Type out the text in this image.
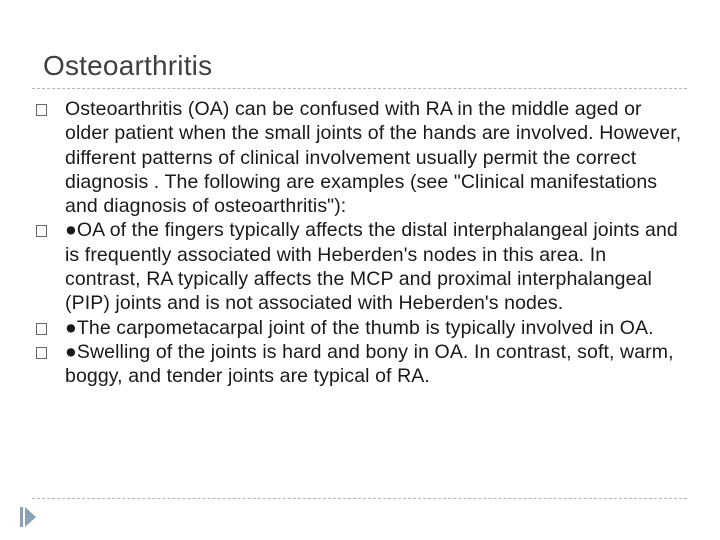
Osteoarthritis
Osteoarthritis (OA) can be confused with RA in the middle aged or older patient when the small joints of the hands are involved. However, different patterns of clinical involvement usually permit the correct diagnosis . The following are examples (see "Clinical manifestations and diagnosis of osteoarthritis"):
●OA of the fingers typically affects the distal interphalangeal joints and is frequently associated with Heberden's nodes in this area. In contrast, RA typically affects the MCP and proximal interphalangeal (PIP) joints and is not associated with Heberden's nodes.
●The carpometacarpal joint of the thumb is typically involved in OA.
●Swelling of the joints is hard and bony in OA. In contrast, soft, warm, boggy, and tender joints are typical of RA.
